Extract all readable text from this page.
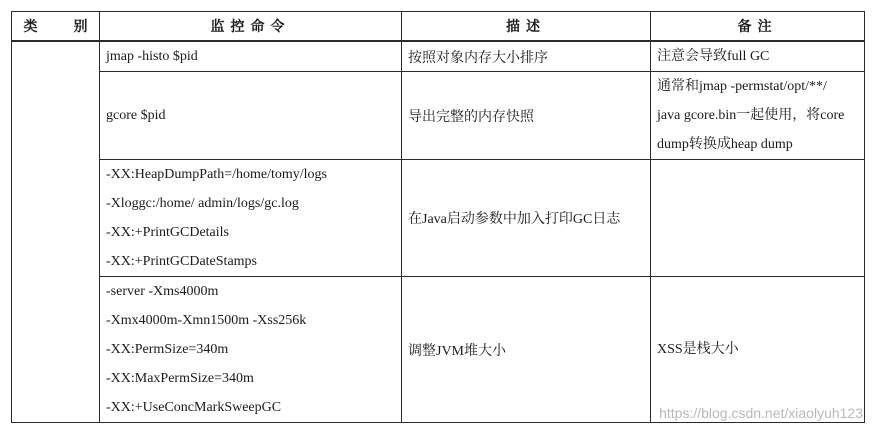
类 别	监控命令	描述	备注

	jmap -histo $pid	按照对象内存大小排序	注意会导致full GC

	gcore $pid	导出完整的内存快照	通常和jmap -permstat/opt/**/
java gcore.bin一起使用，将core
dump转换成heap dump

	-XX:HeapDumpPath=/home/tomy/logs
-Xloggc:/home/ admin/logs/gc.log
-XX:+PrintGCDetails
-XX:+PrintGCDateStamps	在Java启动参数中加入打印GC日志	

	-server -Xms4000m
-Xmx4000m-Xmn1500m -Xss256k
-XX:PermSize=340m
-XX:MaxPermSize=340m
-XX:+UseConcMarkSweepGC	调整JVM堆大小	XSS是栈大小
https://blog.csdn.net/xiaolyuh123
